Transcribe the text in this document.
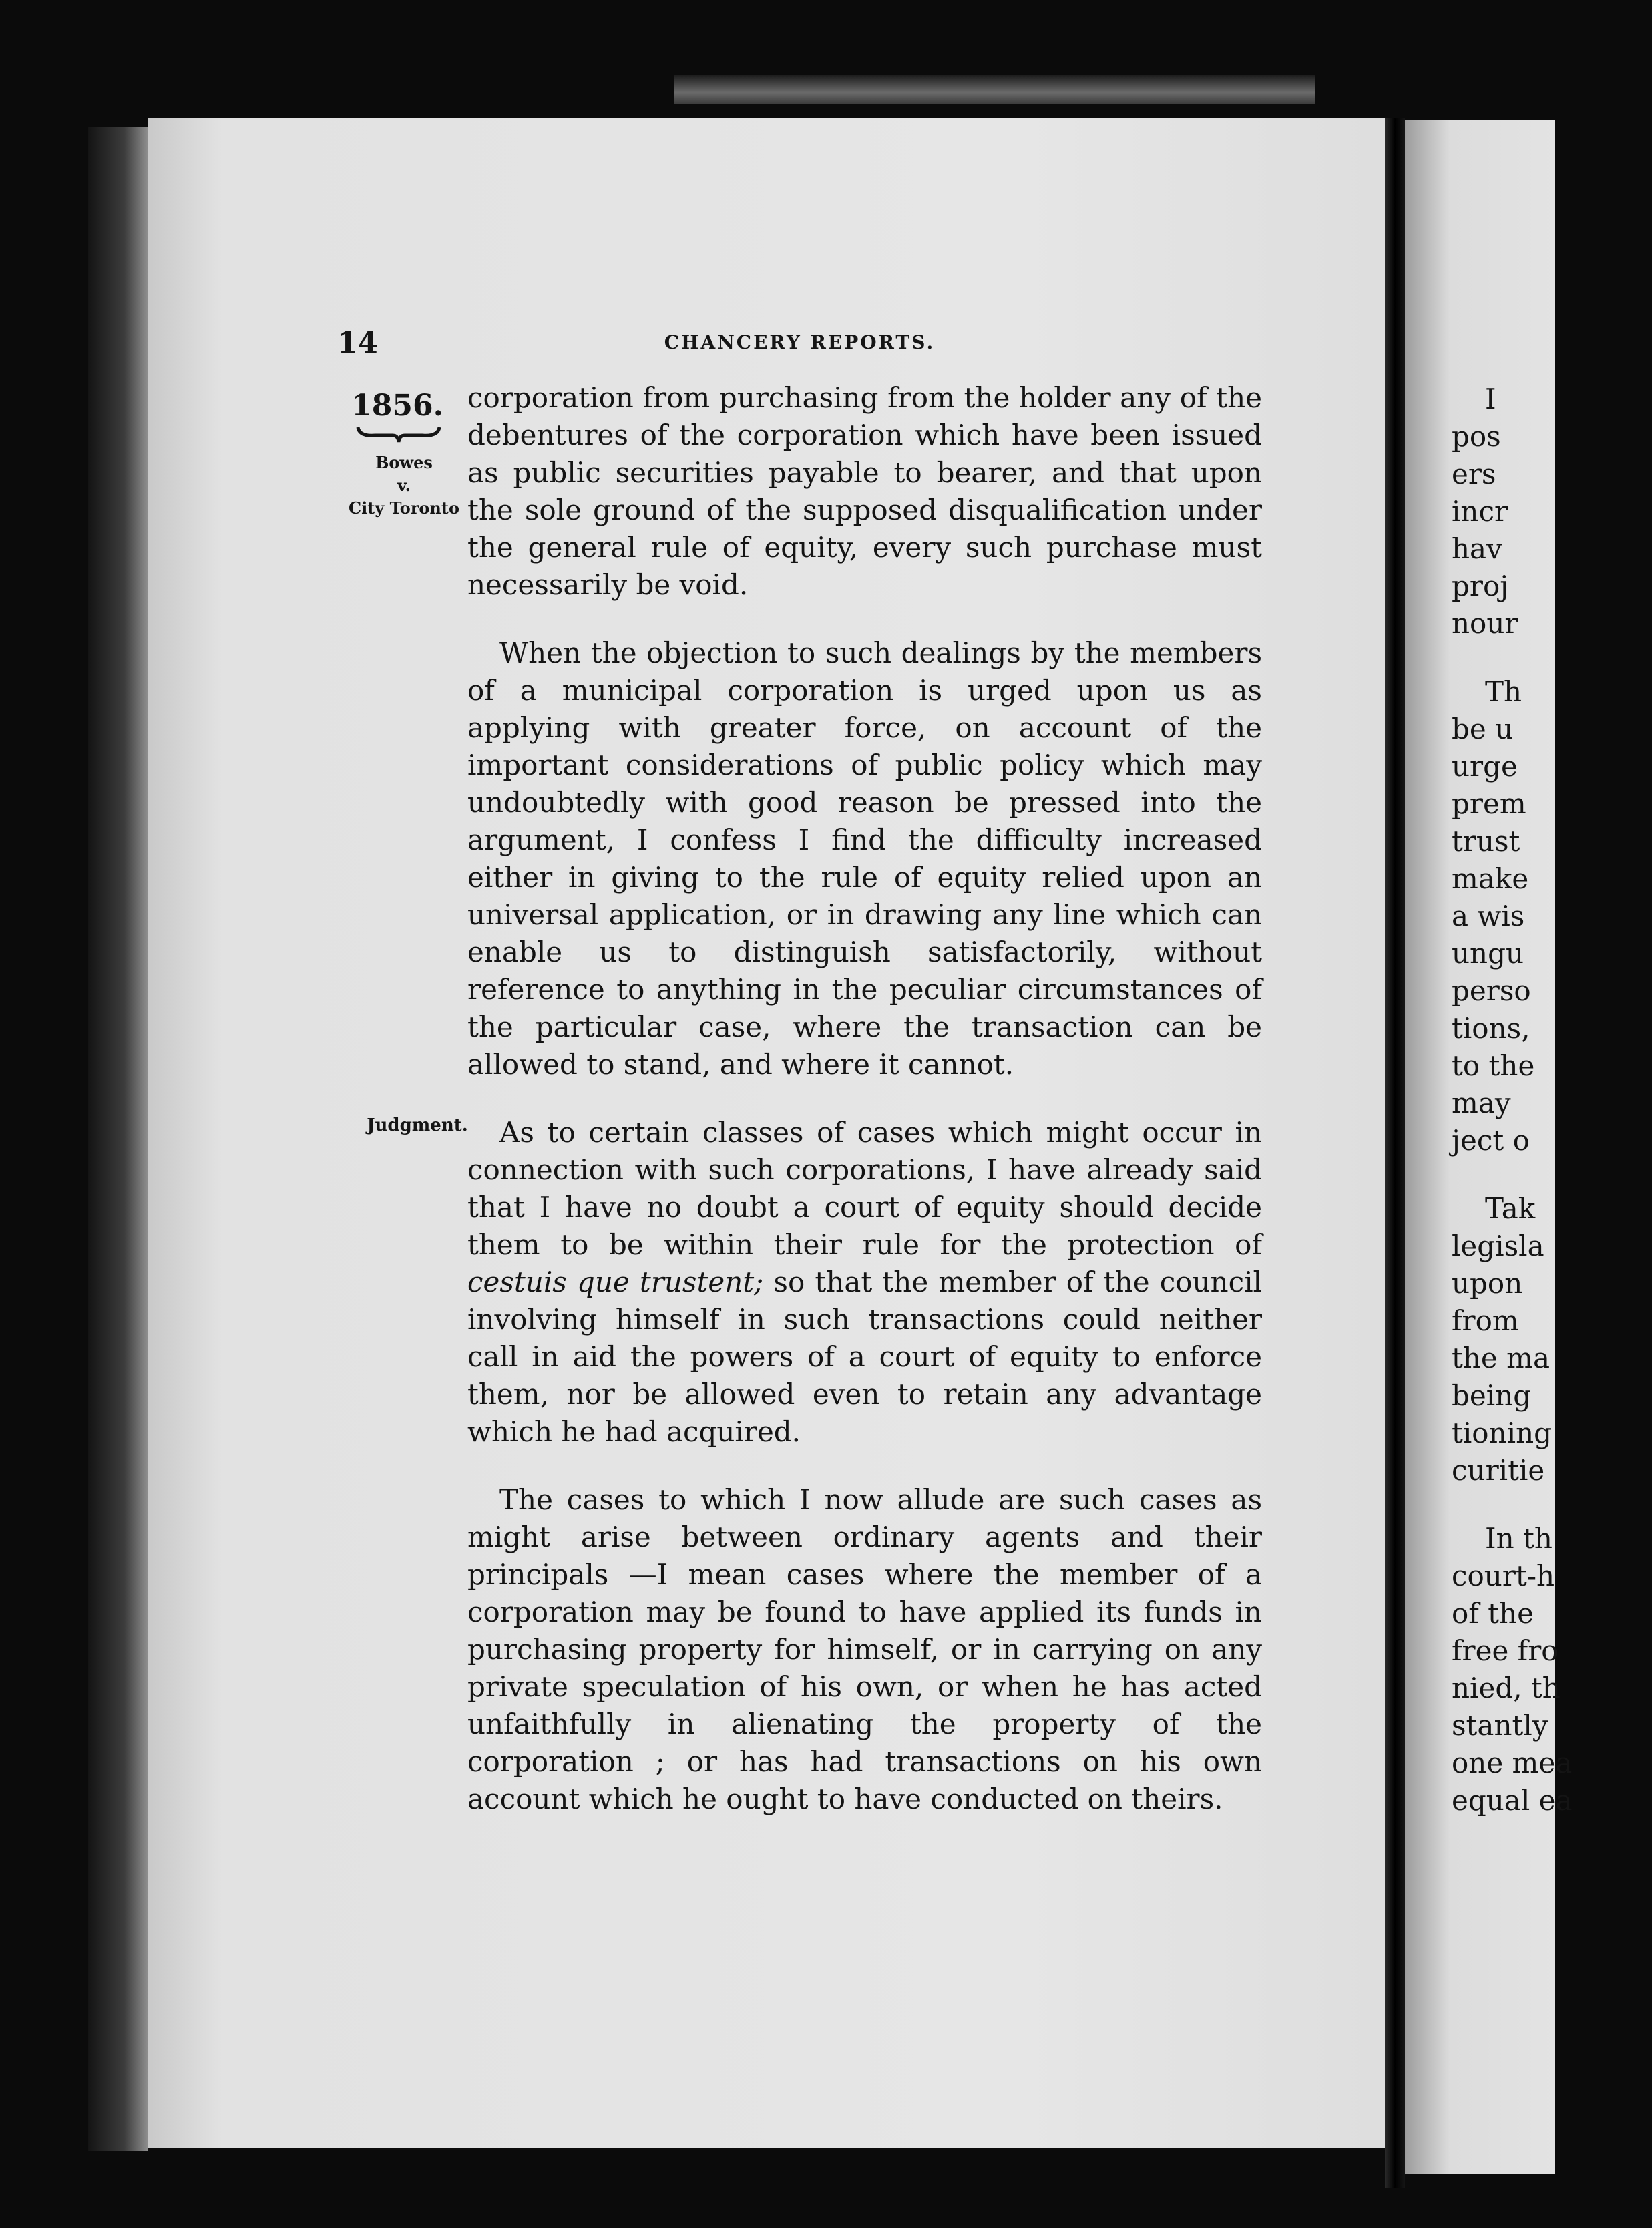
14	CHANCERY REPORTS.
1856.
Bowes
v.
City Toronto
Judgment.

corporation from purchasing from the holder any of the debentures of the corporation which have been issued as public securities payable to bearer, and that upon the sole ground of the supposed disqualification under the general rule of equity, every such purchase must necessarily be void.

When the objection to such dealings by the members of a municipal corporation is urged upon us as applying with greater force, on account of the important considerations of public policy which may undoubtedly with good reason be pressed into the argument, I confess I find the difficulty increased either in giving to the rule of equity relied upon an universal application, or in drawing any line which can enable us to distinguish satisfactorily, without reference to anything in the peculiar circumstances of the particular case, where the transaction can be allowed to stand, and where it cannot.

As to certain classes of cases which might occur in connection with such corporations, I have already said that I have no doubt a court of equity should decide them to be within their rule for the protection of cestuis que trustent; so that the member of the council involving himself in such transactions could neither call in aid the powers of a court of equity to enforce them, nor be allowed even to retain any advantage which he had acquired.

The cases to which I now allude are such cases as might arise between ordinary agents and their principals —I mean cases where the member of a corporation may be found to have applied its funds in purchasing property for himself, or in carrying on any private speculation of his own, or when he has acted unfaithfully in alienating the property of the corporation ; or has had transactions on his own account which he ought to have conducted on theirs.

I
pos
ers
incr
hav
proj
nour
Th
be u
urge
prem
trust
make
a wis
ungu
perso
tions,
to the
may
ject o
Tak
legisla
upon
from
the ma
being
tioning
curitie
In th
court-h
of the
free fro
nied, th
stantly
one mea
equal ea
